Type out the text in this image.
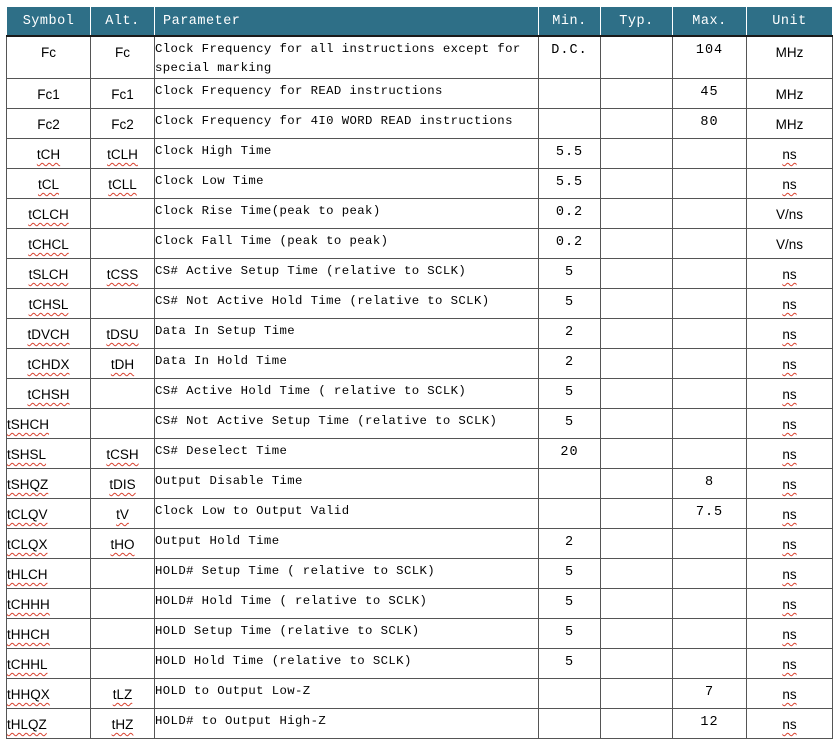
Symbol	Alt.	Parameter	Min.	Typ.	Max.	Unit

Fc	Fc	Clock Frequency for all instructions except for special marking	D.C.		104	MHz

Fc1	Fc1	Clock Frequency for READ instructions			45	MHz

Fc2	Fc2	Clock Frequency for 4I0 WORD READ instructions			80	MHz

tCH	tCLH	Clock High Time	5.5			ns

tCL	tCLL	Clock Low Time	5.5			ns

tCLCH		Clock Rise Time(peak to peak)	0.2			V/ns

tCHCL		Clock Fall Time (peak to peak)	0.2			V/ns

tSLCH	tCSS	CS# Active Setup Time (relative to SCLK)	5			ns

tCHSL		CS# Not Active Hold Time (relative to SCLK)	5			ns

tDVCH	tDSU	Data In Setup Time	2			ns

tCHDX	tDH	Data In Hold Time	2			ns

tCHSH		CS# Active Hold Time ( relative to SCLK)	5			ns

tSHCH		CS# Not Active Setup Time (relative to SCLK)	5			ns

tSHSL	tCSH	CS# Deselect Time	20			ns

tSHQZ	tDIS	Output Disable Time			8	ns

tCLQV	tV	Clock Low to Output Valid			7.5	ns

tCLQX	tHO	Output Hold Time	2			ns

tHLCH		HOLD# Setup Time ( relative to SCLK)	5			ns

tCHHH		HOLD# Hold Time ( relative to SCLK)	5			ns

tHHCH		HOLD Setup Time (relative to SCLK)	5			ns

tCHHL		HOLD Hold Time (relative to SCLK)	5			ns

tHHQX	tLZ	HOLD to Output Low-Z			7	ns

tHLQZ	tHZ	HOLD# to Output High-Z			12	ns
